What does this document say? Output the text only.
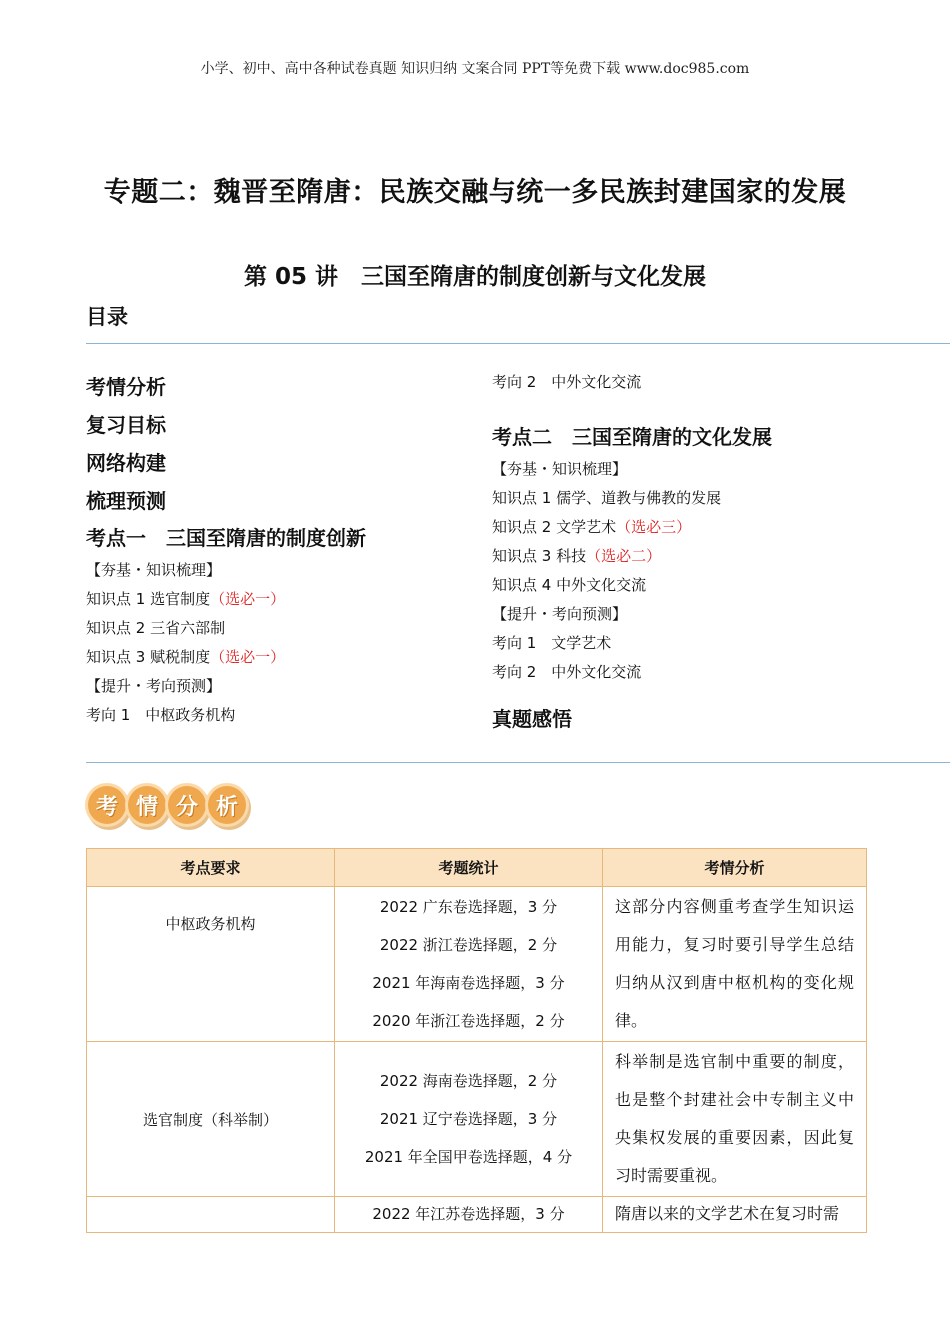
小学、初中、高中各种试卷真题 知识归纳 文案合同 PPT等免费下载 www.doc985.com
专题二：魏晋至隋唐：民族交融与统一多民族封建国家的发展
第 05 讲　三国至隋唐的制度创新与文化发展
目录
考情分析
复习目标
网络构建
梳理预测
考点一　三国至隋唐的制度创新
【夯基・知识梳理】
知识点 1 选官制度（选必一）
知识点 2 三省六部制
知识点 3 赋税制度（选必一）
【提升・考向预测】
考向 1　中枢政务机构
考向 2　中外文化交流
考点二　三国至隋唐的文化发展
【夯基・知识梳理】
知识点 1 儒学、道教与佛教的发展
知识点 2 文学艺术（选必三）
知识点 3 科技（选必二）
知识点 4 中外文化交流
【提升・考向预测】
考向 1　文学艺术
考向 2　中外文化交流
真题感悟
考 情 分 析
考点要求	考题统计	考情分析
中枢政务机构	2022 广东卷选择题，3 分
2022 浙江卷选择题，2 分
2021 年海南卷选择题，3 分
2020 年浙江卷选择题，2 分	这部分内容侧重考查学生知识运用能力，复习时要引导学生总结归纳从汉到唐中枢机构的变化规律。
选官制度（科举制）	2022 海南卷选择题，2 分
2021 辽宁卷选择题，3 分
2021 年全国甲卷选择题，4 分	科举制是选官制中重要的制度，也是整个封建社会中专制主义中央集权发展的重要因素，因此复习时需要重视。

	2022 年江苏卷选择题，3 分	隋唐以来的文学艺术在复习时需
